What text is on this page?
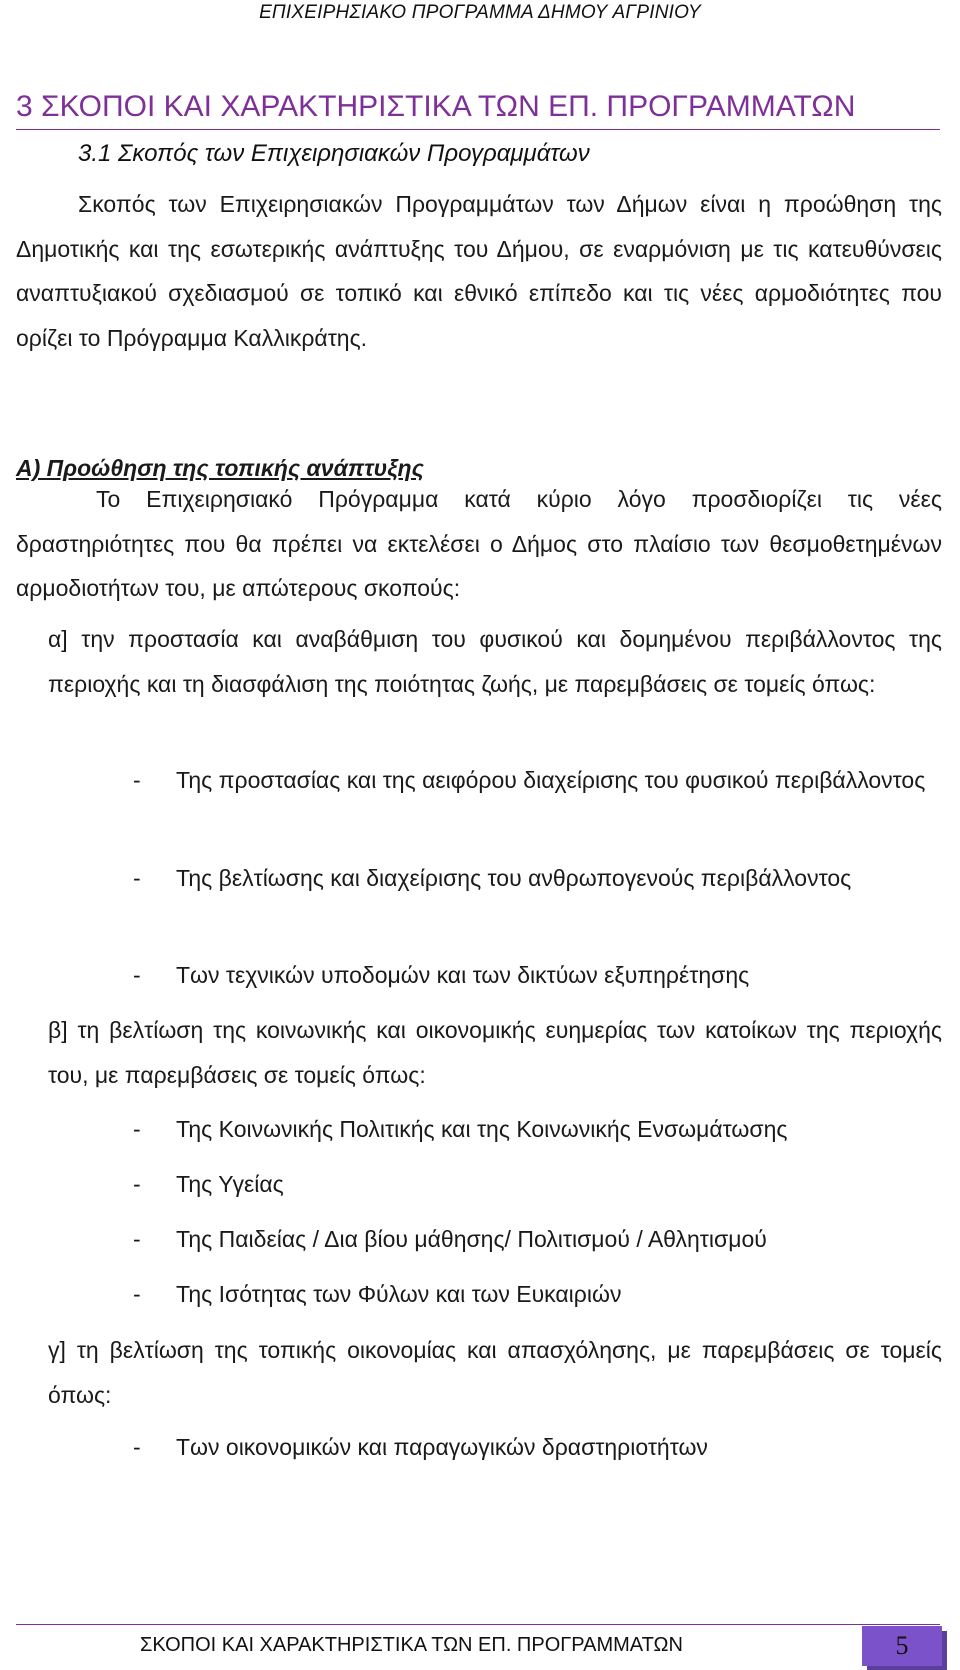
ΕΠΙΧΕΙΡΗΣΙΑΚΟ ΠΡΟΓΡΑΜΜΑ ΔΗΜΟΥ ΑΓΡΙΝΙΟΥ
3 ΣΚΟΠΟΙ ΚΑΙ ΧΑΡΑΚΤΗΡΙΣΤΙΚΑ ΤΩΝ ΕΠ. ΠΡΟΓΡΑΜΜΑΤΩΝ
3.1 Σκοπός των Επιχειρησιακών Προγραμμάτων
Σκοπός των Επιχειρησιακών Προγραμμάτων των Δήμων είναι η προώθηση της Δημοτικής και της εσωτερικής ανάπτυξης του Δήμου, σε εναρμόνιση με τις κατευθύνσεις αναπτυξιακού σχεδιασμού σε τοπικό και εθνικό επίπεδο και τις νέες αρμοδιότητες που ορίζει το Πρόγραμμα Καλλικράτης.
Α) Προώθηση της τοπικής ανάπτυξης
Το Επιχειρησιακό Πρόγραμμα κατά κύριο λόγο προσδιορίζει τις νέες δραστηριότητες που θα πρέπει να εκτελέσει ο Δήμος στο πλαίσιο των θεσμοθετημένων αρμοδιοτήτων του, με απώτερους σκοπούς:
α] την προστασία και αναβάθμιση του φυσικού και δομημένου περιβάλλοντος της περιοχής και τη διασφάλιση της ποιότητας ζωής, με παρεμβάσεις σε τομείς όπως:
- Της προστασίας και της αειφόρου διαχείρισης του φυσικού περιβάλλοντος
- Της βελτίωσης και διαχείρισης του ανθρωπογενούς περιβάλλοντος
- Των τεχνικών υποδομών και των δικτύων εξυπηρέτησης
β] τη βελτίωση της κοινωνικής και οικονομικής ευημερίας των κατοίκων της περιοχής του, με παρεμβάσεις σε τομείς όπως:
- Της Κοινωνικής Πολιτικής και της Κοινωνικής Ενσωμάτωσης
- Της Υγείας
- Της Παιδείας / Δια βίου μάθησης/ Πολιτισμού / Αθλητισμού
- Της Ισότητας των Φύλων και των Ευκαιριών
γ] τη βελτίωση της τοπικής οικονομίας και απασχόλησης, με παρεμβάσεις σε τομείς όπως:
- Των οικονομικών και παραγωγικών δραστηριοτήτων
ΣΚΟΠΟΙ ΚΑΙ ΧΑΡΑΚΤΗΡΙΣΤΙΚΑ ΤΩΝ ΕΠ. ΠΡΟΓΡΑΜΜΑΤΩΝ	5
